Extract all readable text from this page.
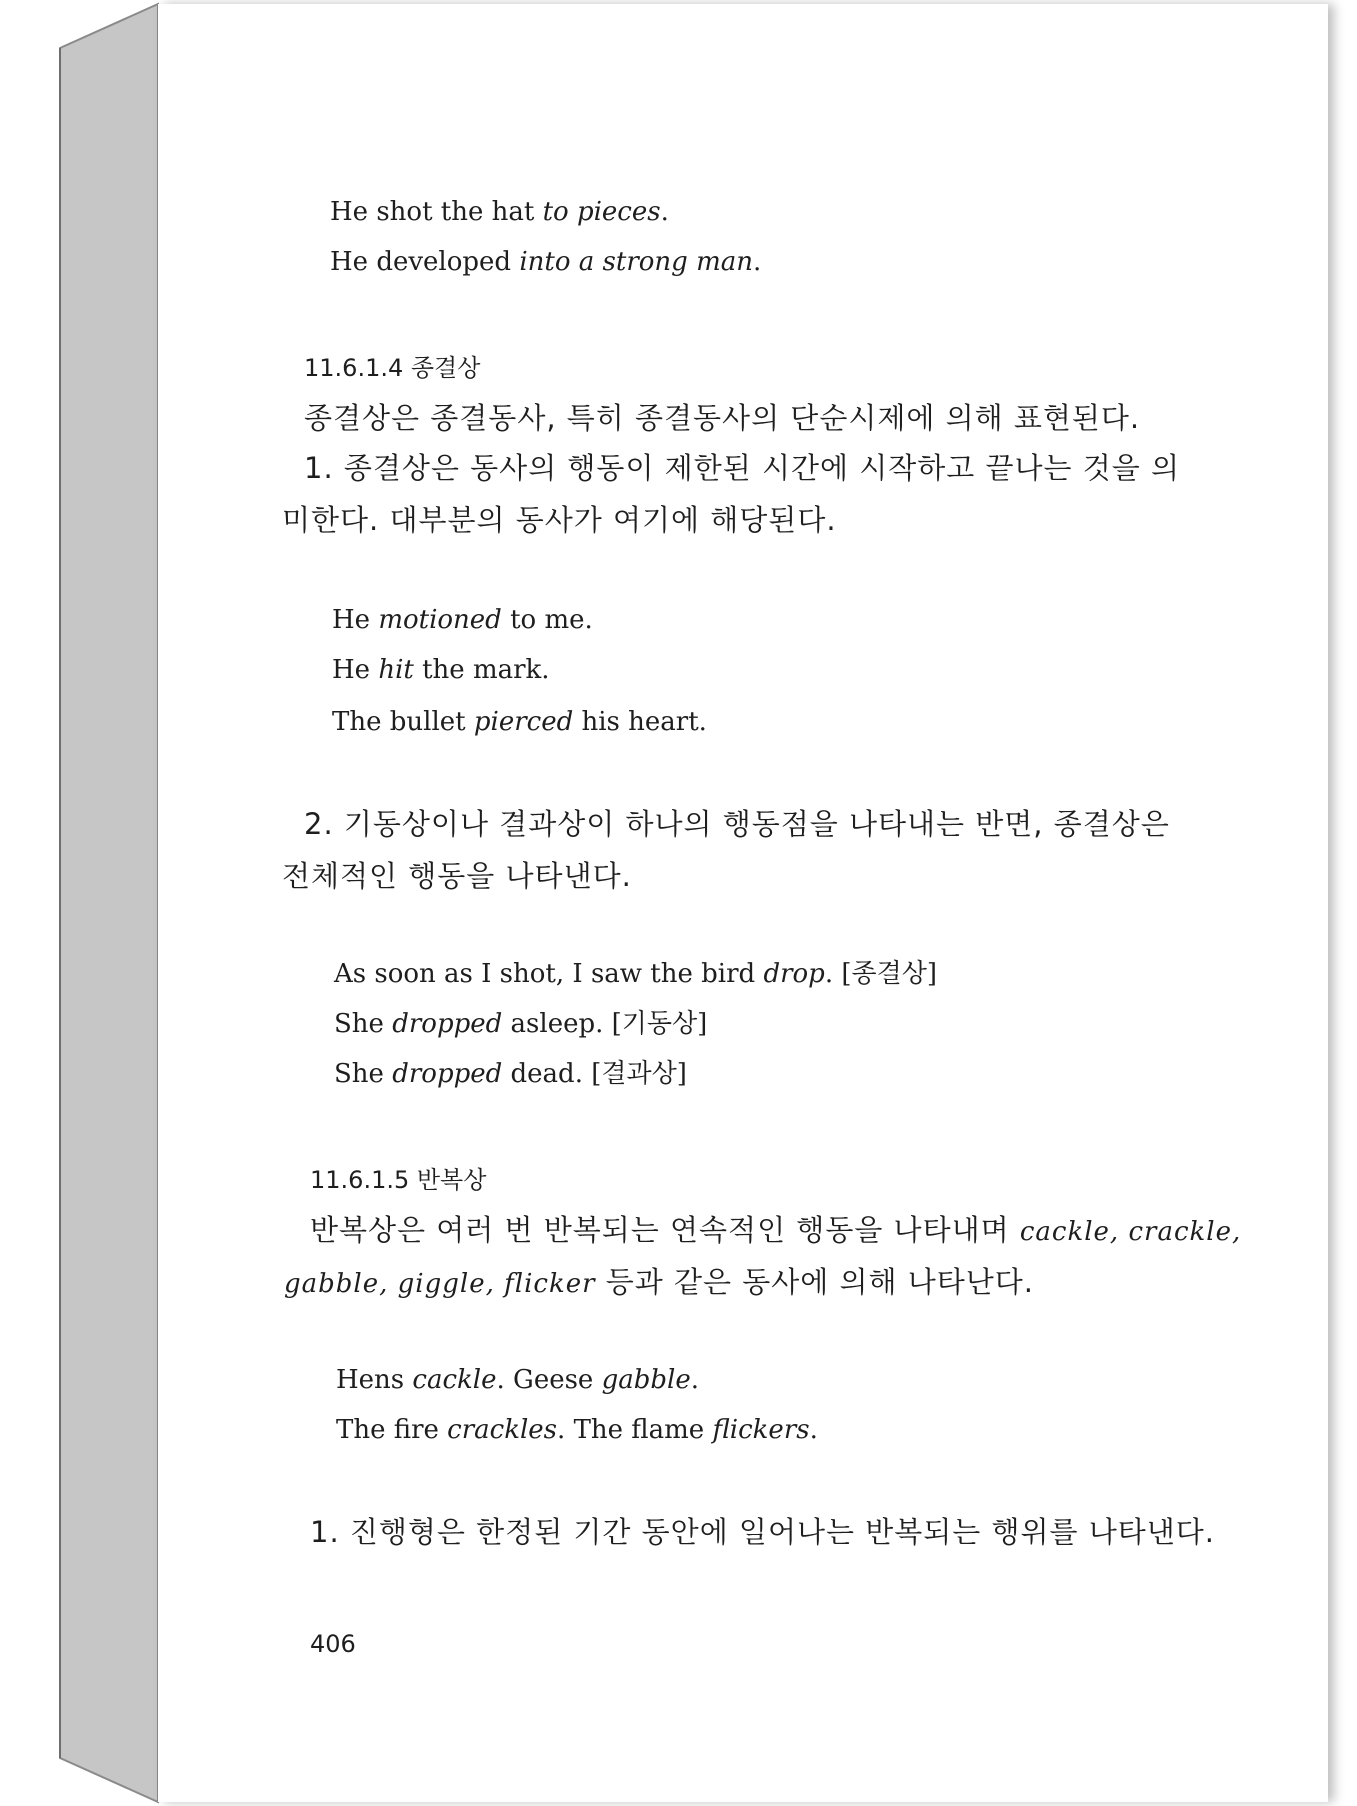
He shot the hat to pieces.
He developed into a strong man.
11.6.1.4 종결상
종결상은 종결동사, 특히 종결동사의 단순시제에 의해 표현된다.
1. 종결상은 동사의 행동이 제한된 시간에 시작하고 끝나는 것을 의
미한다. 대부분의 동사가 여기에 해당된다.
He motioned to me.
He hit the mark.
The bullet pierced his heart.
2. 기동상이나 결과상이 하나의 행동점을 나타내는 반면, 종결상은
전체적인 행동을 나타낸다.
As soon as I shot, I saw the bird drop. [종결상]
She dropped asleep. [기동상]
She dropped dead. [결과상]
11.6.1.5 반복상
반복상은 여러 번 반복되는 연속적인 행동을 나타내며 cackle, crackle,
gabble, giggle, flicker 등과 같은 동사에 의해 나타난다.
Hens cackle. Geese gabble.
The fire crackles. The flame flickers.
1. 진행형은 한정된 기간 동안에 일어나는 반복되는 행위를 나타낸다.
406
